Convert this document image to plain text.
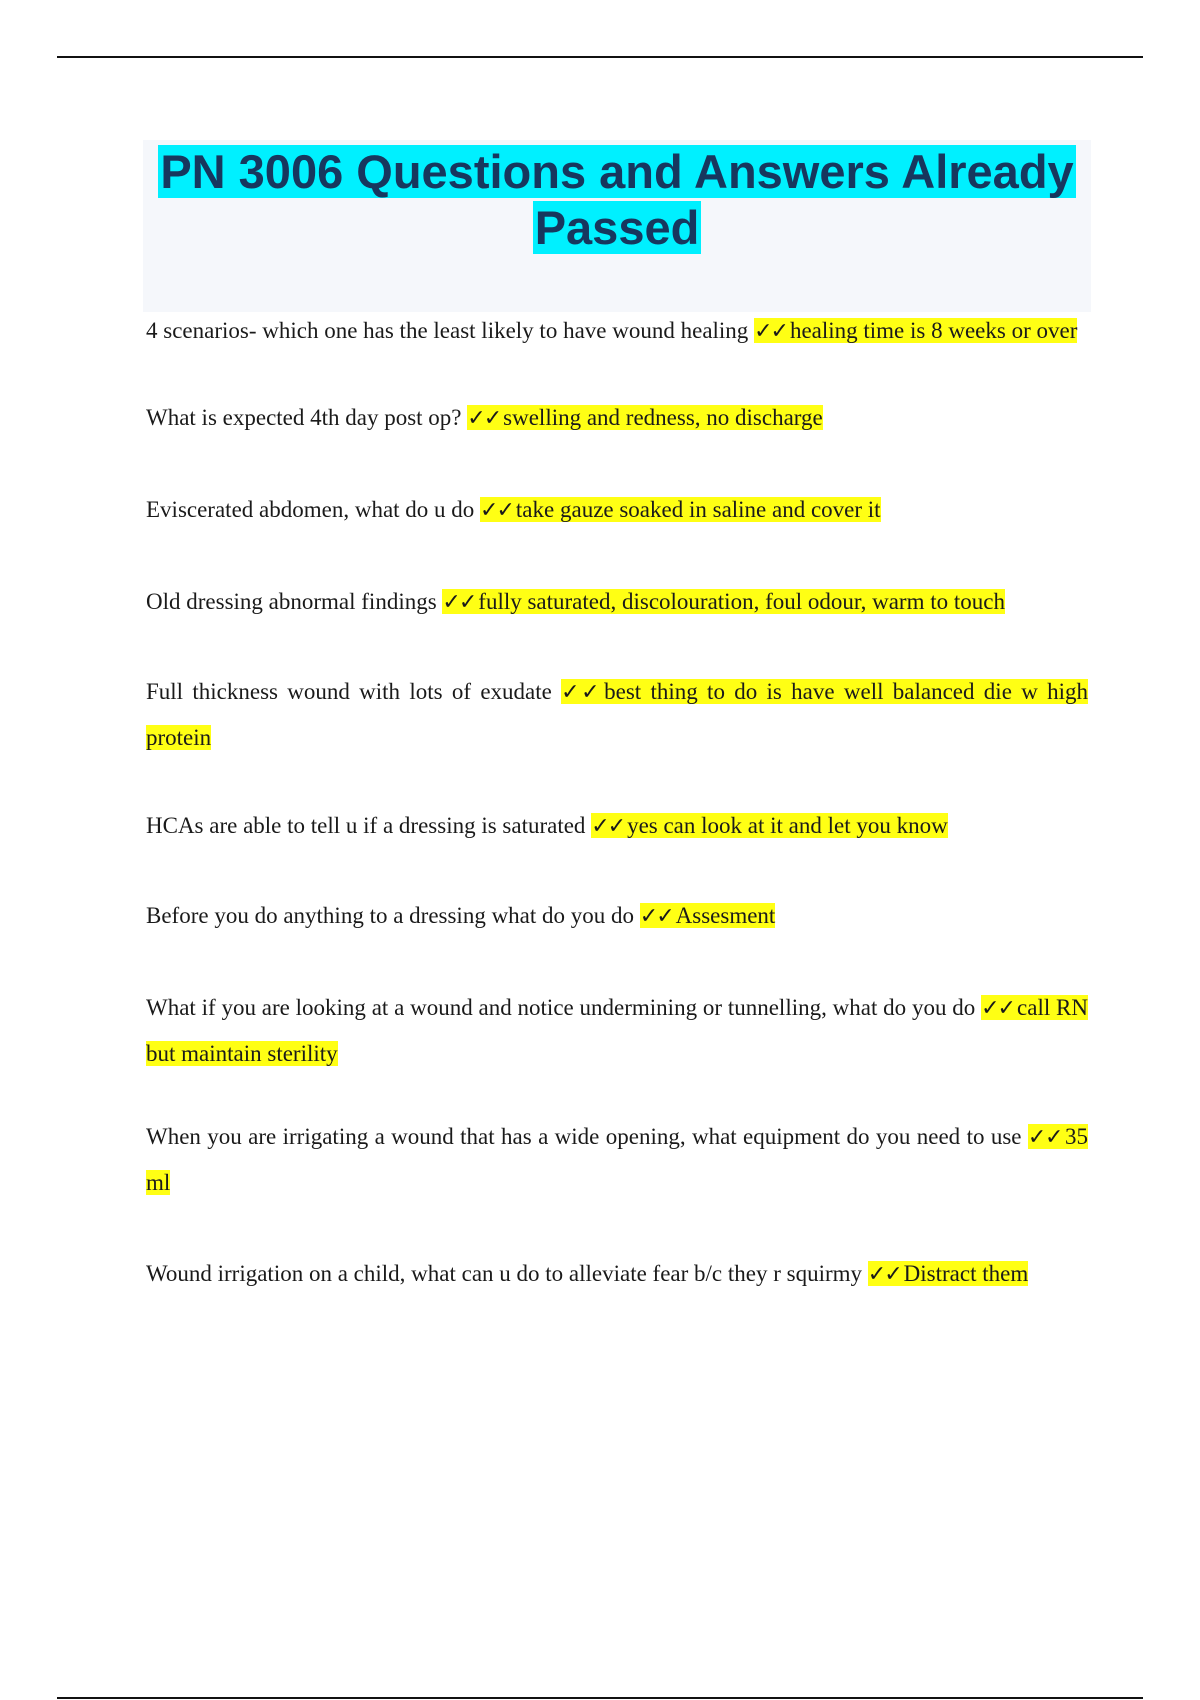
PN 3006 Questions and Answers Already
Passed

4 scenarios- which one has the least likely to have wound healing ✓✓ healing time is 8 weeks or over

What is expected 4th day post op? ✓✓ swelling and redness, no discharge

Eviscerated abdomen, what do u do ✓✓ take gauze soaked in saline and cover it

Old dressing abnormal findings ✓✓ fully saturated, discolouration, foul odour, warm to touch

Full thickness wound with lots of exudate ✓✓ best thing to do is have well balanced die w high protein

HCAs are able to tell u if a dressing is saturated ✓✓ yes can look at it and let you know

Before you do anything to a dressing what do you do ✓✓ Assesment

What if you are looking at a wound and notice undermining or tunnelling, what do you do ✓✓ call RN but maintain sterility

When you are irrigating a wound that has a wide opening, what equipment do you need to use ✓✓ 35 ml

Wound irrigation on a child, what can u do to alleviate fear b/c they r squirmy ✓✓ Distract them
